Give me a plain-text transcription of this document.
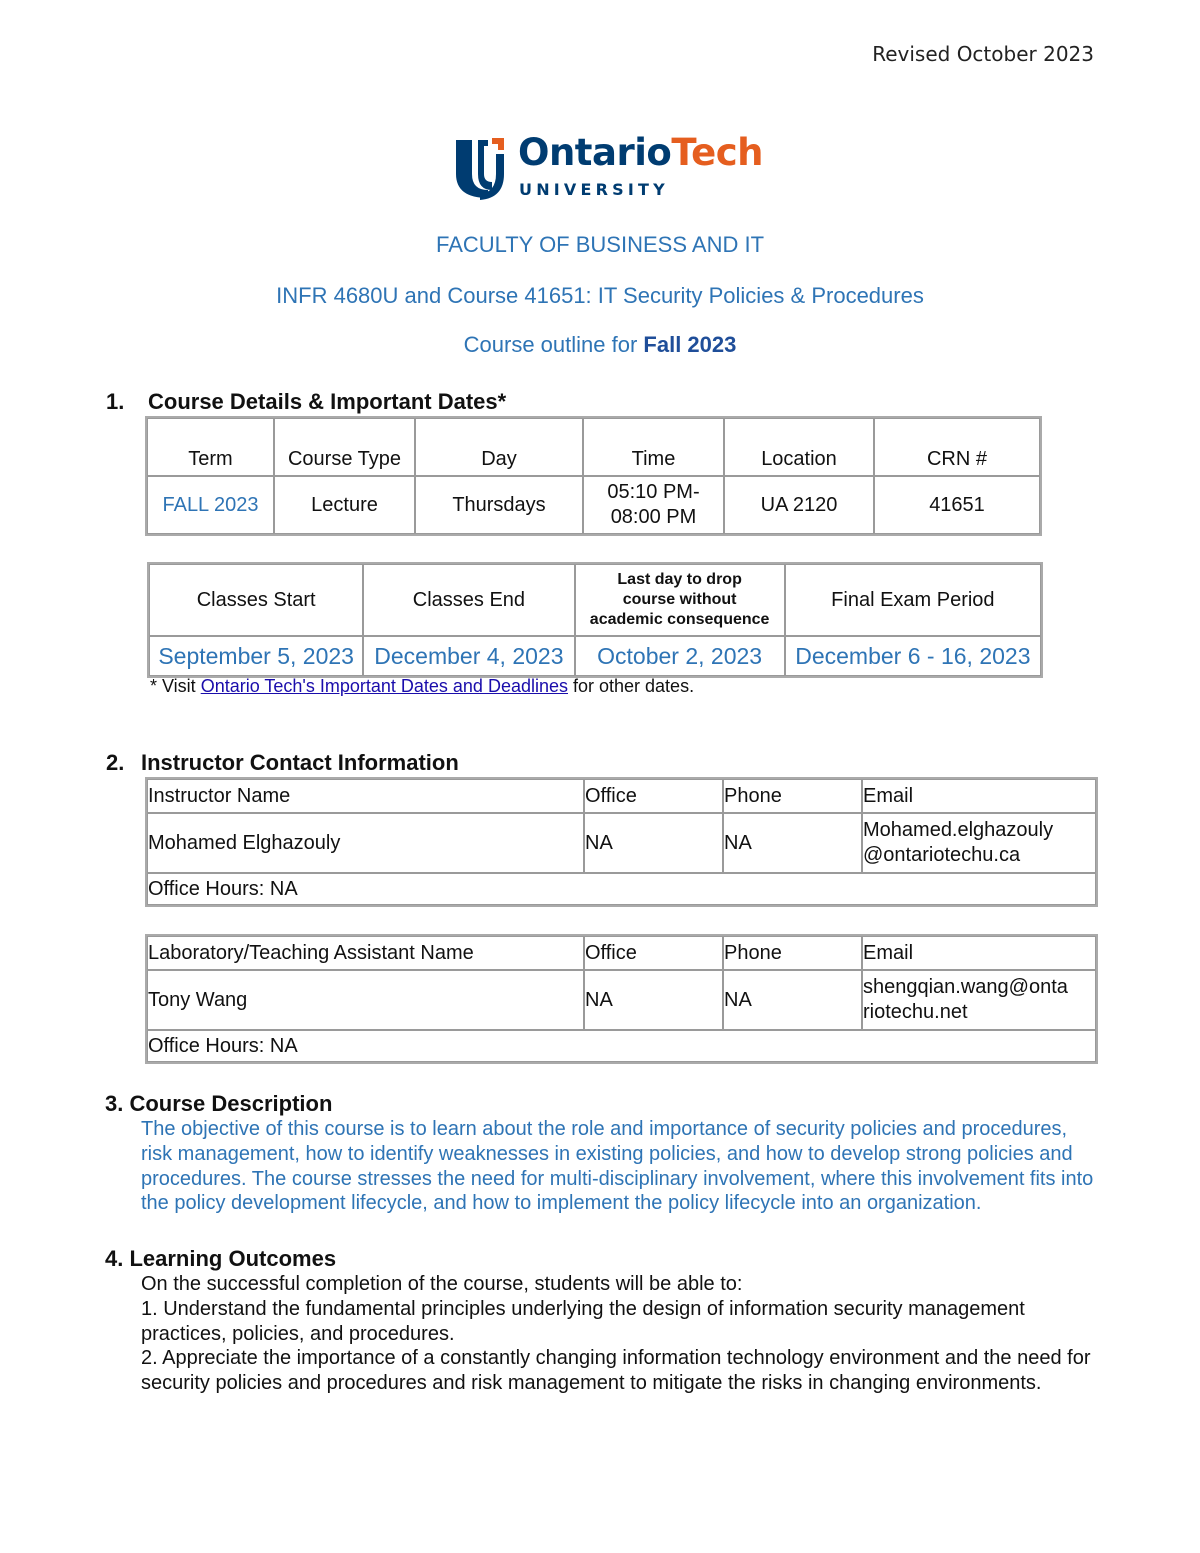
Revised October 2023
OntarioTech
UNIVERSITY
FACULTY OF BUSINESS AND IT
INFR 4680U and Course 41651: IT Security Policies & Procedures
Course outline for Fall 2023
1. Course Details & Important Dates*
Term	Course Type	Day	Time	Location	CRN #
FALL 2023	Lecture	Thursdays	05:10 PM-
08:00 PM	UA 2120	41651
Classes Start	Classes End	Last day to drop
course without
academic consequence	Final Exam Period
September 5, 2023	December 4, 2023	October 2, 2023	December 6 - 16, 2023
* Visit Ontario Tech's Important Dates and Deadlines for other dates.
2. Instructor Contact Information
Instructor Name	Office	Phone	Email
Mohamed Elghazouly	NA	NA	Mohamed.elghazouly
@ontariotechu.ca

Office Hours: NA			
Laboratory/Teaching Assistant Name	Office	Phone	Email
Tony Wang	NA	NA	shengqian.wang@onta
riotechu.net

Office Hours: NA			
3. Course Description
The objective of this course is to learn about the role and importance of security policies and procedures, risk management, how to identify weaknesses in existing policies, and how to develop strong policies and procedures. The course stresses the need for multi-disciplinary involvement, where this involvement fits into the policy development lifecycle, and how to implement the policy lifecycle into an organization.
4. Learning Outcomes
On the successful completion of the course, students will be able to:
1. Understand the fundamental principles underlying the design of information security management practices, policies, and procedures.
2. Appreciate the importance of a constantly changing information technology environment and the need for security policies and procedures and risk management to mitigate the risks in changing environments.
